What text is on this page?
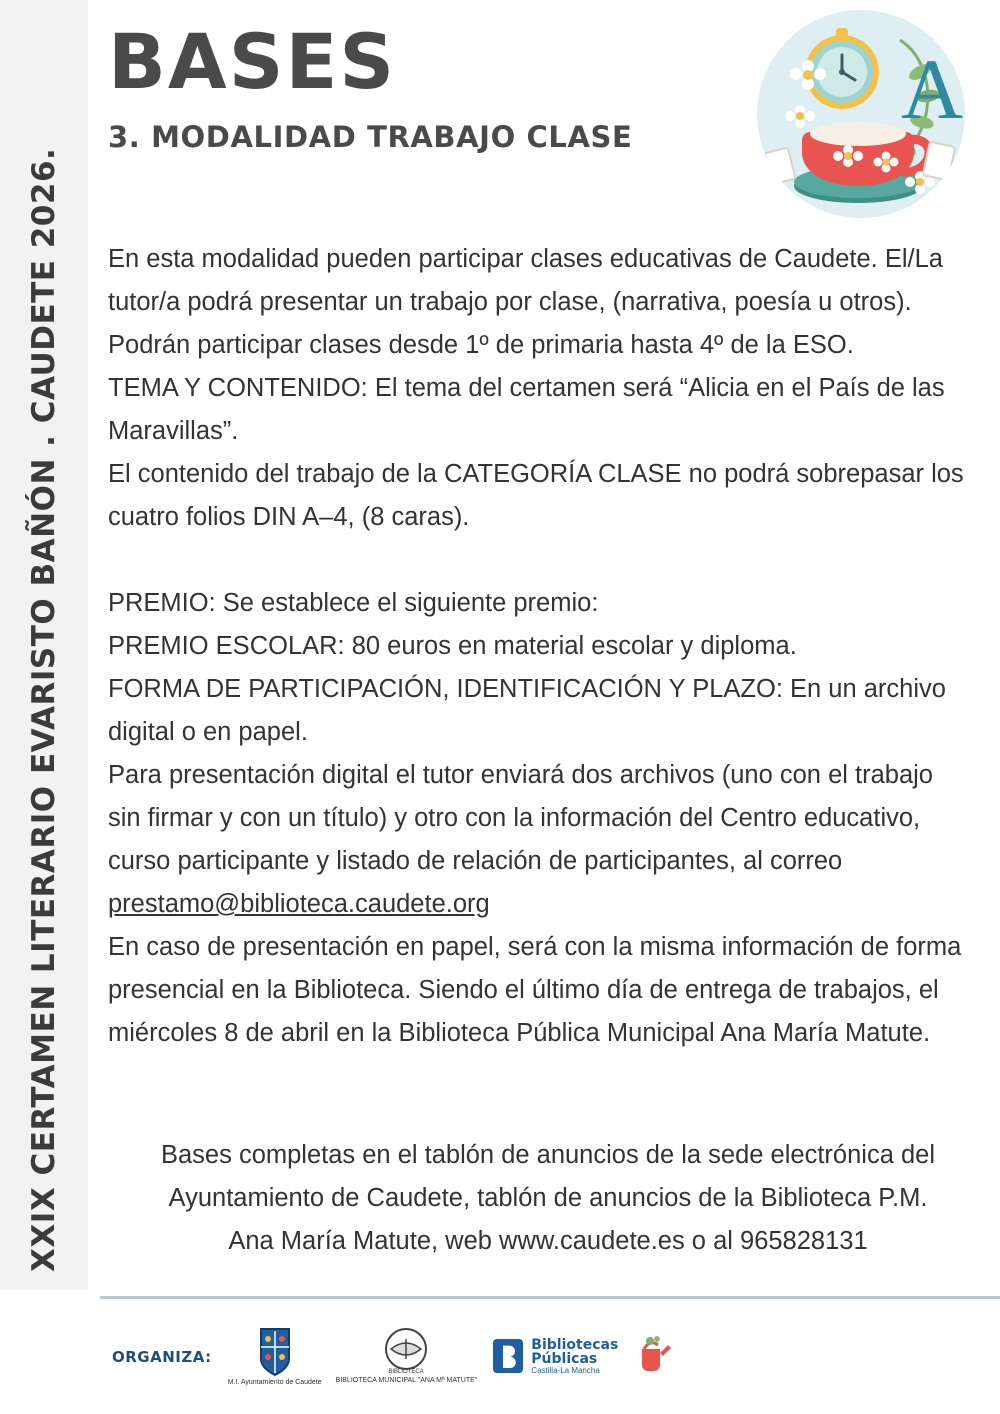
XXIX CERTAMEN LITERARIO EVARISTO BAÑÓN . CAUDETE 2026.
BASES
3. MODALIDAD TRABAJO CLASE	A

En esta modalidad pueden participar clases educativas de Caudete. El/La tutor/a podrá presentar un trabajo por clase, (narrativa, poesía u otros). Podrán participar clases desde 1º de primaria hasta 4º de la ESO.

TEMA Y CONTENIDO: El tema del certamen será “Alicia en el País de las Maravillas”.

El contenido del trabajo de la CATEGORÍA CLASE no podrá sobrepasar los cuatro folios DIN A–4, (8 caras).

PREMIO: Se establece el siguiente premio:

PREMIO ESCOLAR: 80 euros en material escolar y diploma.

FORMA DE PARTICIPACIÓN, IDENTIFICACIÓN Y PLAZO: En un archivo digital o en papel.

Para presentación digital el tutor enviará dos archivos (uno con el trabajo sin firmar y con un título) y otro con la información del Centro educativo, curso participante y listado de relación de participantes, al correo prestamo@biblioteca.caudete.org

En caso de presentación en papel, será con la misma información de forma presencial en la Biblioteca. Siendo el último día de entrega de trabajos, el miércoles 8 de abril en la Biblioteca Pública Municipal Ana María Matute.

Bases completas en el tablón de anuncios de la sede electrónica del
Ayuntamiento de Caudete, tablón de anuncios de la Biblioteca P.M.
Ana María Matute, web www.caudete.es o al 965828131
ORGANIZA:
M.I. Ayuntamiento de Caudete
BIBLIOTECA
BIBLIOTECA MUNICIPAL "ANA Mª MATUTE"
Bibliotecas
Públicas
Castilla-La Mancha
